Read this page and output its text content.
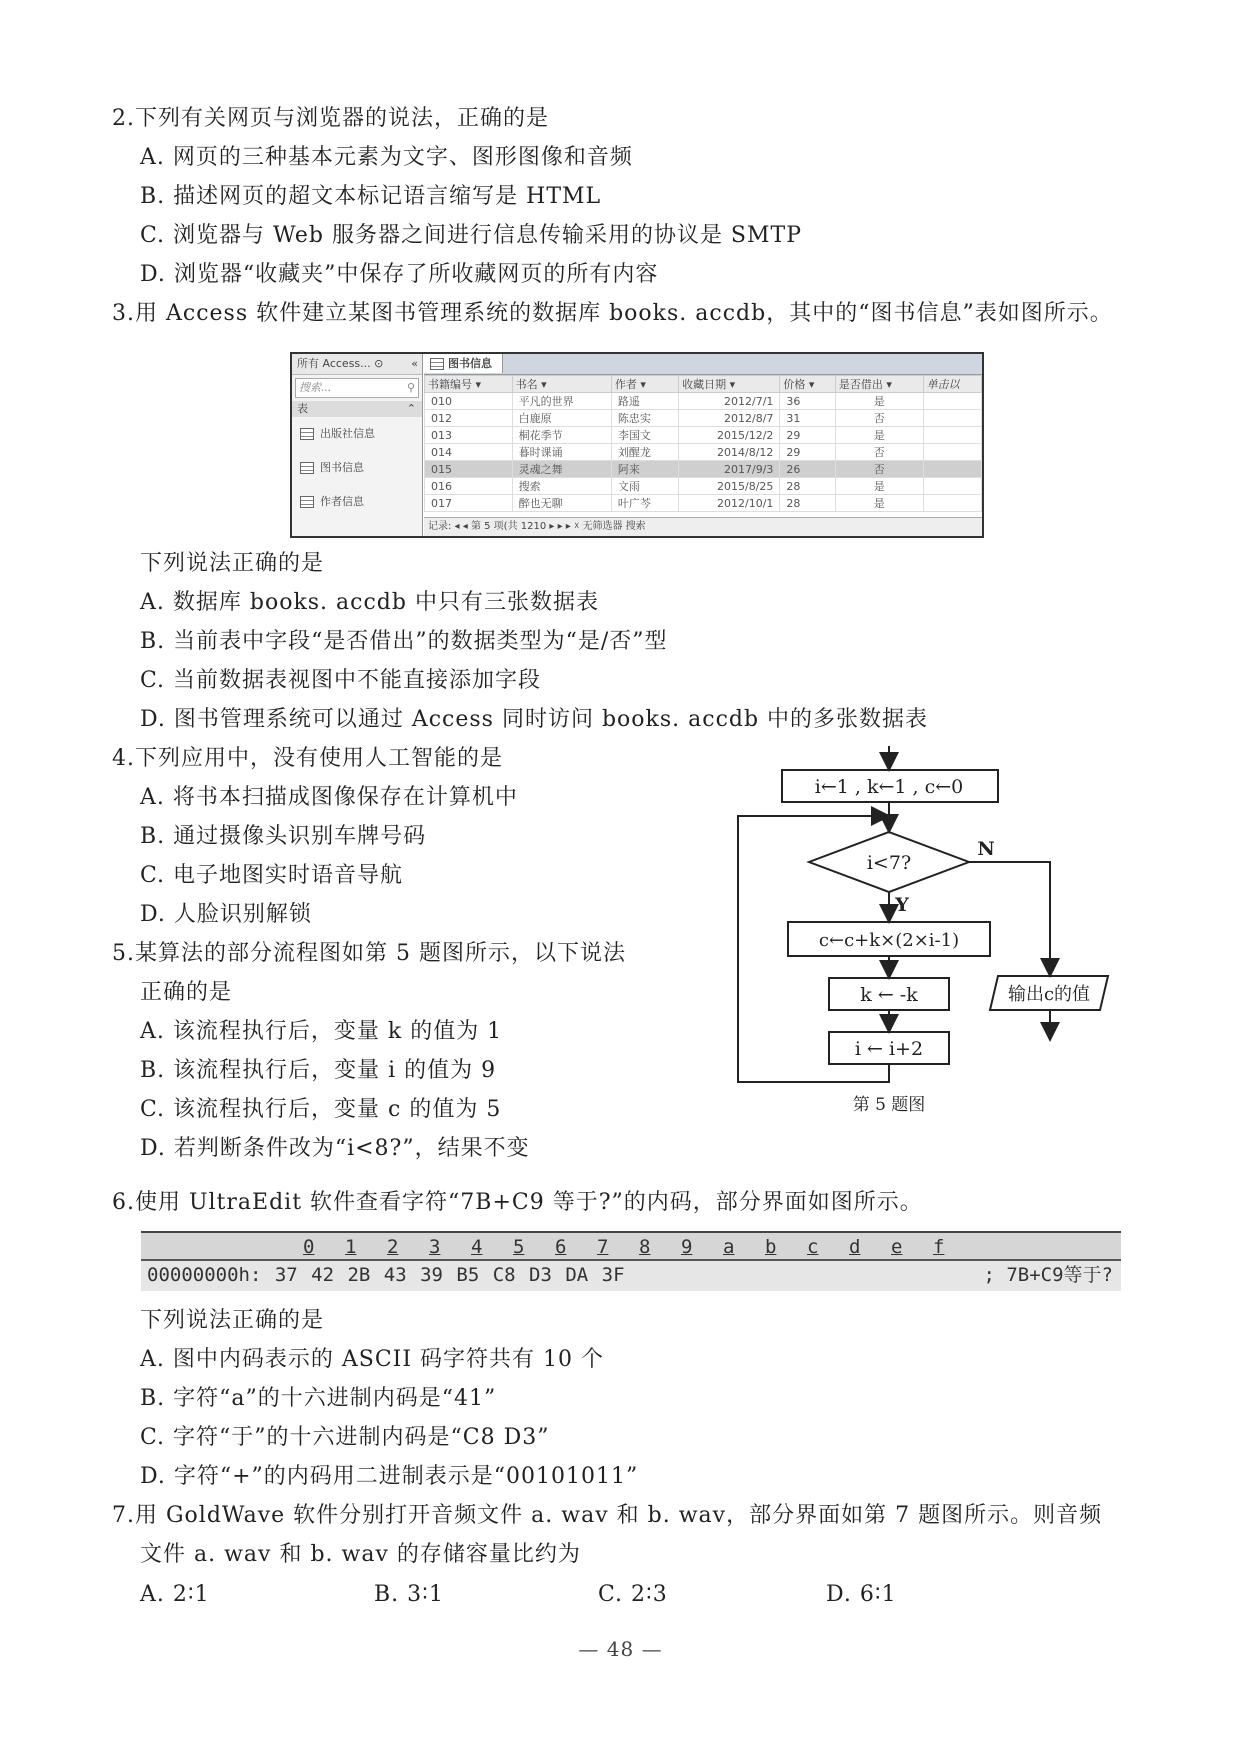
2.下列有关网页与浏览器的说法，正确的是
A. 网页的三种基本元素为文字、图形图像和音频
B. 描述网页的超文本标记语言缩写是 HTML
C. 浏览器与 Web 服务器之间进行信息传输采用的协议是 SMTP
D. 浏览器“收藏夹”中保存了所收藏网页的所有内容
3.用 Access 软件建立某图书管理系统的数据库 books. accdb，其中的“图书信息”表如图所示。
所有 Access... ⊙	«
搜索...	⚲
表	⌃
出版社信息
图书信息
作者信息
图书信息
书籍编号 ▾	书名 ▾	作者 ▾	收藏日期 ▾	价格 ▾	是否借出 ▾	单击以
010	平凡的世界	路遥	2012/7/1	36	是	
012	白鹿原	陈忠实	2012/8/7	31	否	
013	桐花季节	李国文	2015/12/2	29	是	
014	暮时课诵	刘醒龙	2014/8/12	29	否	
015	灵魂之舞	阿来	2017/9/3	26	否	
016	搜索	文雨	2015/8/25	28	是	
017	醉也无聊	叶广芩	2012/10/1	28	是	
记录: ◂ ◂ 第 5 项(共 1210 ▸ ▸ ▸ ☓ 无筛选器 搜索
下列说法正确的是
A. 数据库 books. accdb 中只有三张数据表
B. 当前表中字段“是否借出”的数据类型为“是/否”型
C. 当前数据表视图中不能直接添加字段
D. 图书管理系统可以通过 Access 同时访问 books. accdb 中的多张数据表
4.下列应用中，没有使用人工智能的是
A. 将书本扫描成图像保存在计算机中
B. 通过摄像头识别车牌号码
C. 电子地图实时语音导航
D. 人脸识别解锁
5.某算法的部分流程图如第 5 题图所示，以下说法
正确的是
A. 该流程执行后，变量 k 的值为 1
B. 该流程执行后，变量 i 的值为 9
C. 该流程执行后，变量 c 的值为 5
D. 若判断条件改为“i<8?”，结果不变
i←1 , k←1 , c←0
i<7?
N
Y
c←c+k×(2×i-1)
k ← -k
i ← i+2
输出c的值
第 5 题图
6.使用 UltraEdit 软件查看字符“7B+C9 等于?”的内码，部分界面如图所示。
0 1 2 3 4 5 6 7 8 9 a b c d e f
00000000h: 37 42 2B 43 39 B5 C8 D3 DA 3F	; 7B+C9等于?
下列说法正确的是
A. 图中内码表示的 ASCII 码字符共有 10 个
B. 字符“a”的十六进制内码是“41”
C. 字符“于”的十六进制内码是“C8 D3”
D. 字符“+”的内码用二进制表示是“00101011”
7.用 GoldWave 软件分别打开音频文件 a. wav 和 b. wav，部分界面如第 7 题图所示。则音频
文件 a. wav 和 b. wav 的存储容量比约为
A. 2∶1	B. 3∶1	C. 2∶3	D. 6∶1
— 48 —
